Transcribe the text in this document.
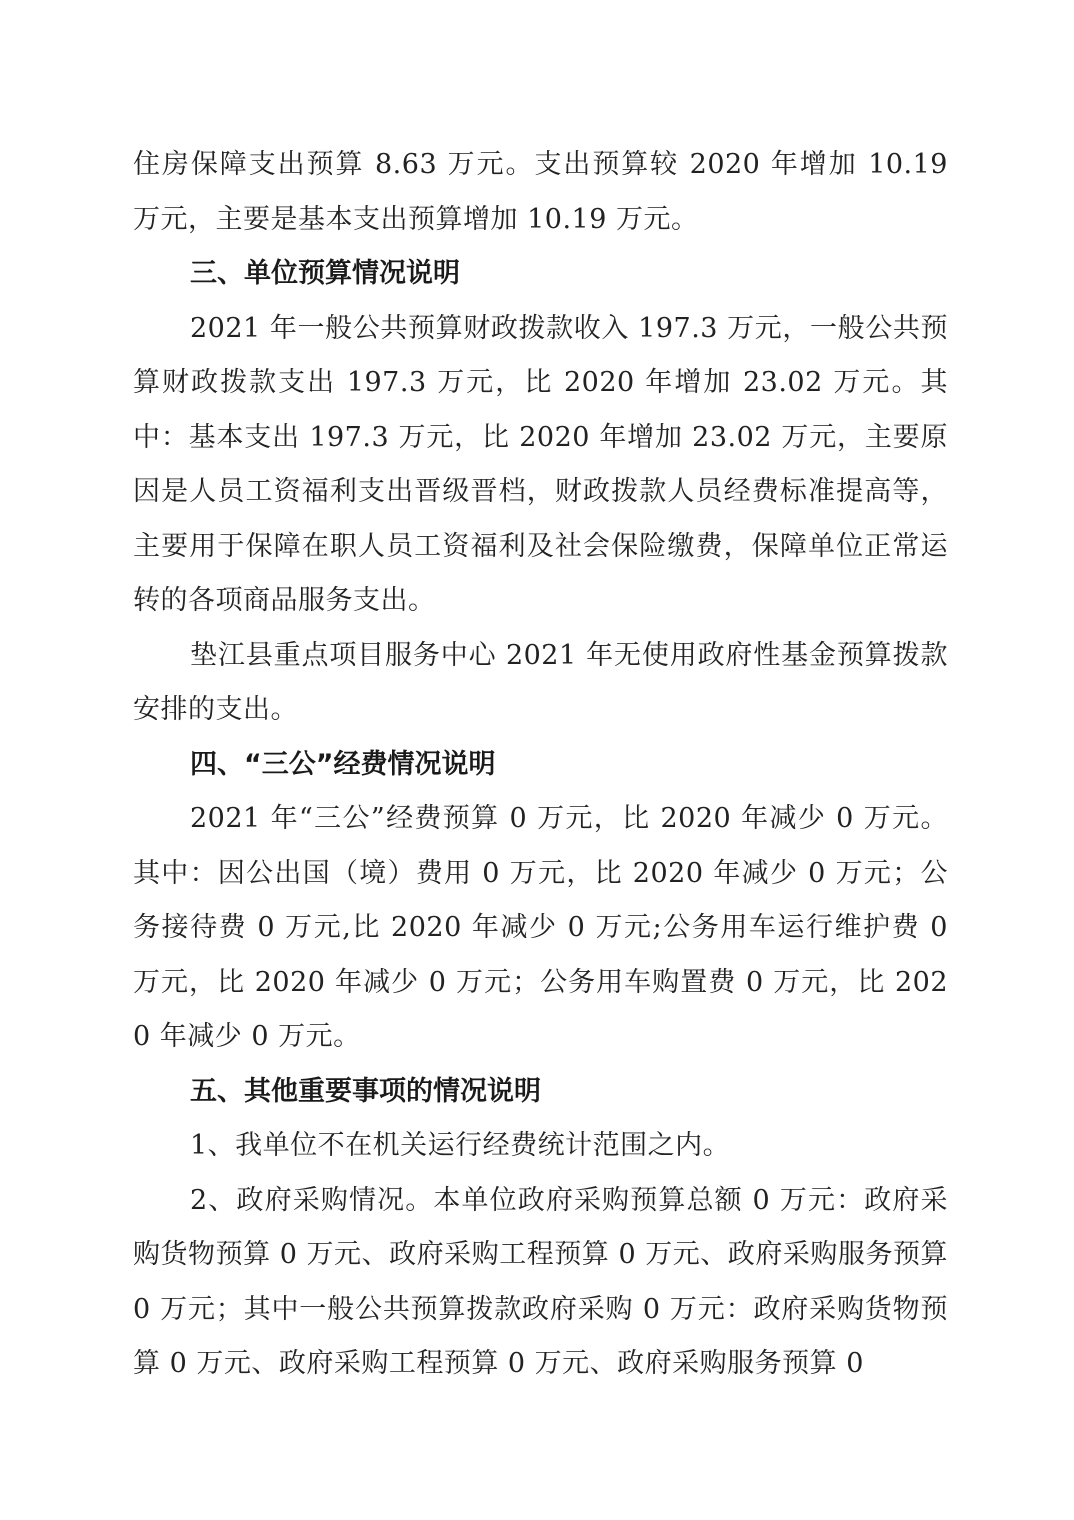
住房保障支出预算 8.63 万元。支出预算较 2020 年增加 10.19 万元，主要是基本支出预算增加 10.19 万元。

三、单位预算情况说明

2021 年一般公共预算财政拨款收入 197.3 万元，一般公共预算财政拨款支出 197.3 万元，比 2020 年增加 23.02 万元。其中：基本支出 197.3 万元，比 2020 年增加 23.02 万元，主要原因是人员工资福利支出晋级晋档，财政拨款人员经费标准提高等，主要用于保障在职人员工资福利及社会保险缴费，保障单位正常运转的各项商品服务支出。

垫江县重点项目服务中心 2021 年无使用政府性基金预算拨款安排的支出。

四、“三公”经费情况说明

2021 年“三公”经费预算 0 万元，比 2020 年减少 0 万元。其中：因公出国（境）费用 0 万元，比 2020 年减少 0 万元；公务接待费 0 万元,比 2020 年减少 0 万元;公务用车运行维护费 0 万元，比 2020 年减少 0 万元；公务用车购置费 0 万元，比 2020 年减少 0 万元。

五、其他重要事项的情况说明

1、我单位不在机关运行经费统计范围之内。

2、政府采购情况。本单位政府采购预算总额 0 万元：政府采购货物预算 0 万元、政府采购工程预算 0 万元、政府采购服务预算 0 万元；其中一般公共预算拨款政府采购 0 万元：政府采购货物预算 0 万元、政府采购工程预算 0 万元、政府采购服务预算 0
